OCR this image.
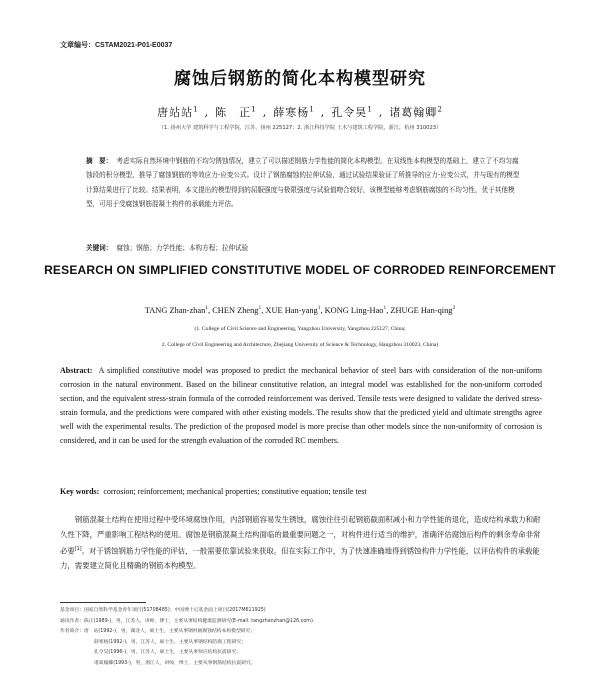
文章编号：CSTAM2021-P01-E0037
腐蚀后钢筋的简化本构模型研究
唐站站$^1$ , 陈　正$^1$ , 薛寒杨$^1$ , 孔令昊$^1$ , 诸葛翰卿$^2$
（1. 扬州大学 建筑科学与工程学院，江苏，扬州 225127；2. 浙江科技学院 土木与建筑工程学院，浙江，杭州 310023）
摘　要： 考虑实际自然环境中钢筋的不均匀锈蚀情况，建立了可以描述钢筋力学性能的简化本构模型。在双线性本构模型的基础上，建立了不均匀腐蚀段的积分模型，推导了腐蚀钢筋的等效应力-应变公式。设计了钢筋腐蚀的拉伸试验，通过试验结果验证了所推导的应力-应变公式，并与现有的模型计算结果进行了比较。结果表明，本文提出的模型得到的屈服强度与极限强度与试验值吻合较好，该模型能够考虑钢筋腐蚀的不均匀性，优于其他模型，可用于受腐蚀钢筋混凝土构件的承载能力评估。
关键词： 腐蚀；钢筋；力学性能；本构方程；拉伸试验
RESEARCH ON SIMPLIFIED CONSTITUTIVE MODEL OF CORRODED REINFORCEMENT
TANG Zhan-zhan$^1$, CHEN Zheng$^1$, XUE Han-yang$^1$, KONG Ling-Hao$^1$, ZHUGE Han-qing$^2$
(1. College of Civil Science and Engineering, Yangzhou University, Yangzhou 225127, China;
2. College of Civil Engineering and Architecture, Zhejiang University of Science & Technology, Hangzhou 310023, China)
Abstract: A simplified constitutive model was proposed to predict the mechanical behavior of steel bars with consideration of the non-uniform corrosion in the natural environment. Based on the bilinear constitutive relation, an integral model was established for the non-uniform corroded section, and the equivalent stress-strain formula of the corroded reinforcement was derived. Tensile tests were designed to validate the derived stress-strain formula, and the predictions were compared with other existing models. The results show that the predicted yield and ultimate strengths agree well with the experimental results. The prediction of the proposed model is more precise than other models since the non-uniformity of corrosion is considered, and it can be used for the strength evaluation of the corroded RC members.
Key words: corrosion; reinforcement; mechanical properties; constitutive equation; tensile test
钢筋混凝土结构在使用过程中受环境腐蚀作用，内部钢筋容易发生锈蚀，腐蚀往往引起钢筋截面积减小和力学性能的退化，造成结构承载力和耐久性下降，严重影响工程结构的使用。腐蚀是钢筋混凝土结构面临的最重要问题之一，对构件进行适当的维护，准确评估腐蚀后构件的剩余寿命非常必要[1]。对于锈蚀钢筋力学性能的评估，一般需要依靠试验来获取。但在实际工作中，为了快速准确地得到锈蚀构件力学性能，以评估构件的承载能力，需要建立简化且精确的钢筋本构模型。
基金项目：国家自然科学基金青年项目(51708485)；中国博士后基金面上项目(2017M611925)
通讯作者：陈正(1989-)，男，江苏人，讲师，博士，主要从事结构健康监测研究(E-mail: tangzhanzhan@126.com).
作者简介：唐　站(1992-)，男，湖北人，硕士生，主要从事钢材耐腐蚀结构本构模型研究；
薛寒杨(1992-)，男，江苏人，硕士生，主要从事钢结构防腐工程研究；
孔令昊(1996-)，男，江苏人，硕士生，主要从事预应结构抗震研究；
诸葛翰卿(1993-)，男，浙江人，讲师，博士，主要从事钢筋结构抗震研究。
